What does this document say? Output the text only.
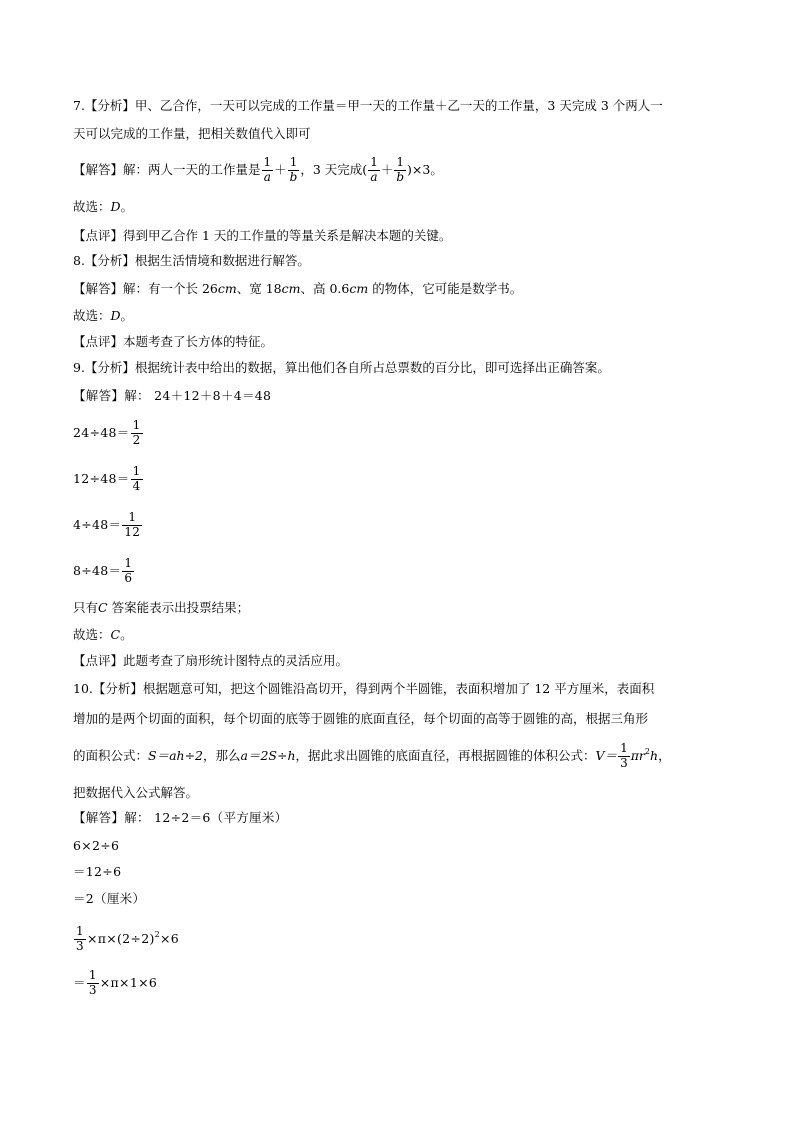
7.【分析】甲、乙合作，一天可以完成的工作量＝甲一天的工作量＋乙一天的工作量，3 天完成 3 个两人一
天可以完成的工作量，把相关数值代入即可
【解答】解：两人一天的工作量是 $\frac{1}{a} + \frac{1}{b}$ ，3 天完成( $\frac{1}{a} + \frac{1}{b} )\times 3$。
故选：D。
【点评】得到甲乙合作 1 天的工作量的等量关系是解决本题的关键。
8.【分析】根据生活情境和数据进行解答。
【解答】解：有一个长 26cm、宽 18cm、高 0.6cm 的物体，它可能是数学书。
故选：D。
【点评】本题考查了长方体的特征。
9.【分析】根据统计表中给出的数据，算出他们各自所占总票数的百分比，即可选择出正确答案。
【解答】解： 24＋12＋8＋4＝48
$24\div 48= \frac{1}{2}$
$12\div 48= \frac{1}{4}$
$4\div 48= \frac{1}{12}$
$8\div 48= \frac{1}{6}$
只有C 答案能表示出投票结果；
故选：C。
【点评】此题考查了扇形统计图特点的灵活应用。
10.【分析】根据题意可知，把这个圆锥沿高切开，得到两个半圆锥，表面积增加了 12 平方厘米，表面积
增加的是两个切面的面积，每个切面的底等于圆锥的底面直径，每个切面的高等于圆锥的高，根据三角形
的面积公式：S＝ah÷2，那么a＝2S÷h，据此求出圆锥的底面直径，再根据圆锥的体积公式：$V= \frac{1}{3} \pi r^2h$，
把数据代入公式解答。
【解答】解： 12÷2＝6（平方厘米）
6×2÷6
＝12÷6
＝2（厘米）
$\frac{1}{3} \times\pi\times(2\div 2)^2\times 6$
＝ $\frac{1}{3} \times\pi\times 1\times 6$
